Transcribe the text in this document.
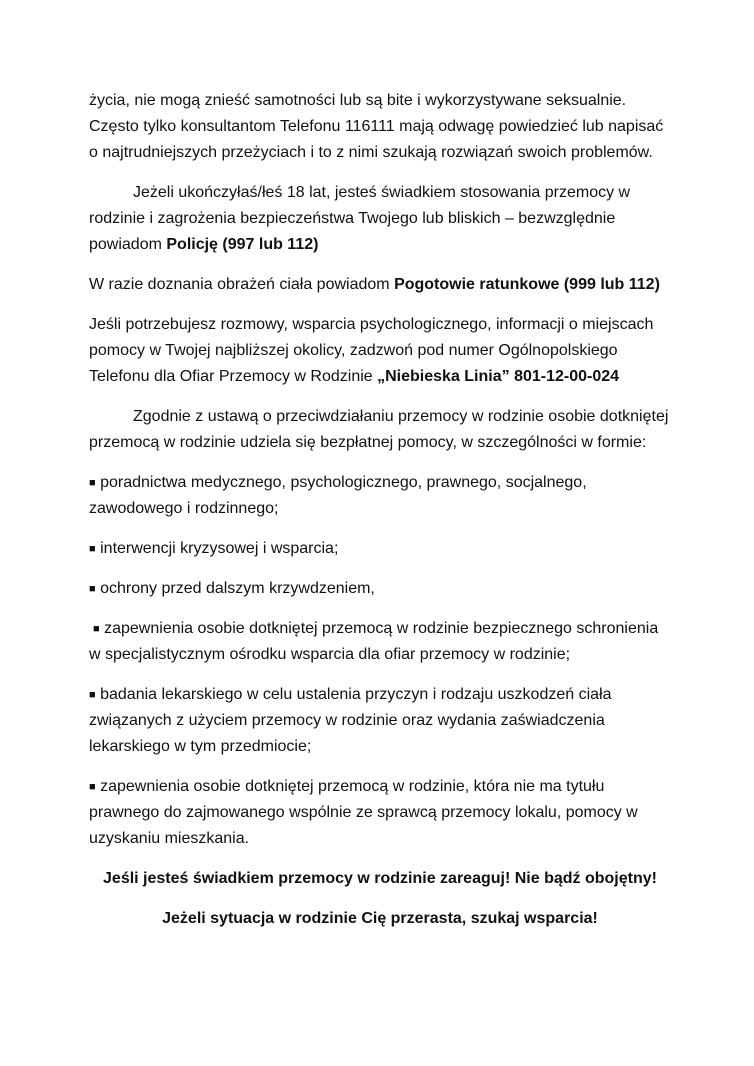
życia, nie mogą znieść samotności lub są bite i wykorzystywane seksualnie. Często tylko konsultantom Telefonu 116111 mają odwagę powiedzieć lub napisać o najtrudniejszych przeżyciach i to z nimi szukają rozwiązań swoich problemów.

Jeżeli ukończyłaś/łeś 18 lat, jesteś świadkiem stosowania przemocy w rodzinie i zagrożenia bezpieczeństwa Twojego lub bliskich – bezwzględnie powiadom Policję (997 lub 112)

W razie doznania obrażeń ciała powiadom Pogotowie ratunkowe (999 lub 112)

Jeśli potrzebujesz rozmowy, wsparcia psychologicznego, informacji o miejscach pomocy w Twojej najbliższej okolicy, zadzwoń pod numer Ogólnopolskiego Telefonu dla Ofiar Przemocy w Rodzinie „Niebieska Linia” 801-12-00-024

Zgodnie z ustawą o przeciwdziałaniu przemocy w rodzinie osobie dotkniętej przemocą w rodzinie udziela się bezpłatnej pomocy, w szczególności w formie:

■ poradnictwa medycznego, psychologicznego, prawnego, socjalnego, zawodowego i rodzinnego;

■ interwencji kryzysowej i wsparcia;

■ ochrony przed dalszym krzywdzeniem,

■ zapewnienia osobie dotkniętej przemocą w rodzinie bezpiecznego schronienia w specjalistycznym ośrodku wsparcia dla ofiar przemocy w rodzinie;

■ badania lekarskiego w celu ustalenia przyczyn i rodzaju uszkodzeń ciała związanych z użyciem przemocy w rodzinie oraz wydania zaświadczenia lekarskiego w tym przedmiocie;

■ zapewnienia osobie dotkniętej przemocą w rodzinie, która nie ma tytułu prawnego do zajmowanego wspólnie ze sprawcą przemocy lokalu, pomocy w uzyskaniu mieszkania.

Jeśli jesteś świadkiem przemocy w rodzinie zareaguj! Nie bądź obojętny!

Jeżeli sytuacja w rodzinie Cię przerasta, szukaj wsparcia!
